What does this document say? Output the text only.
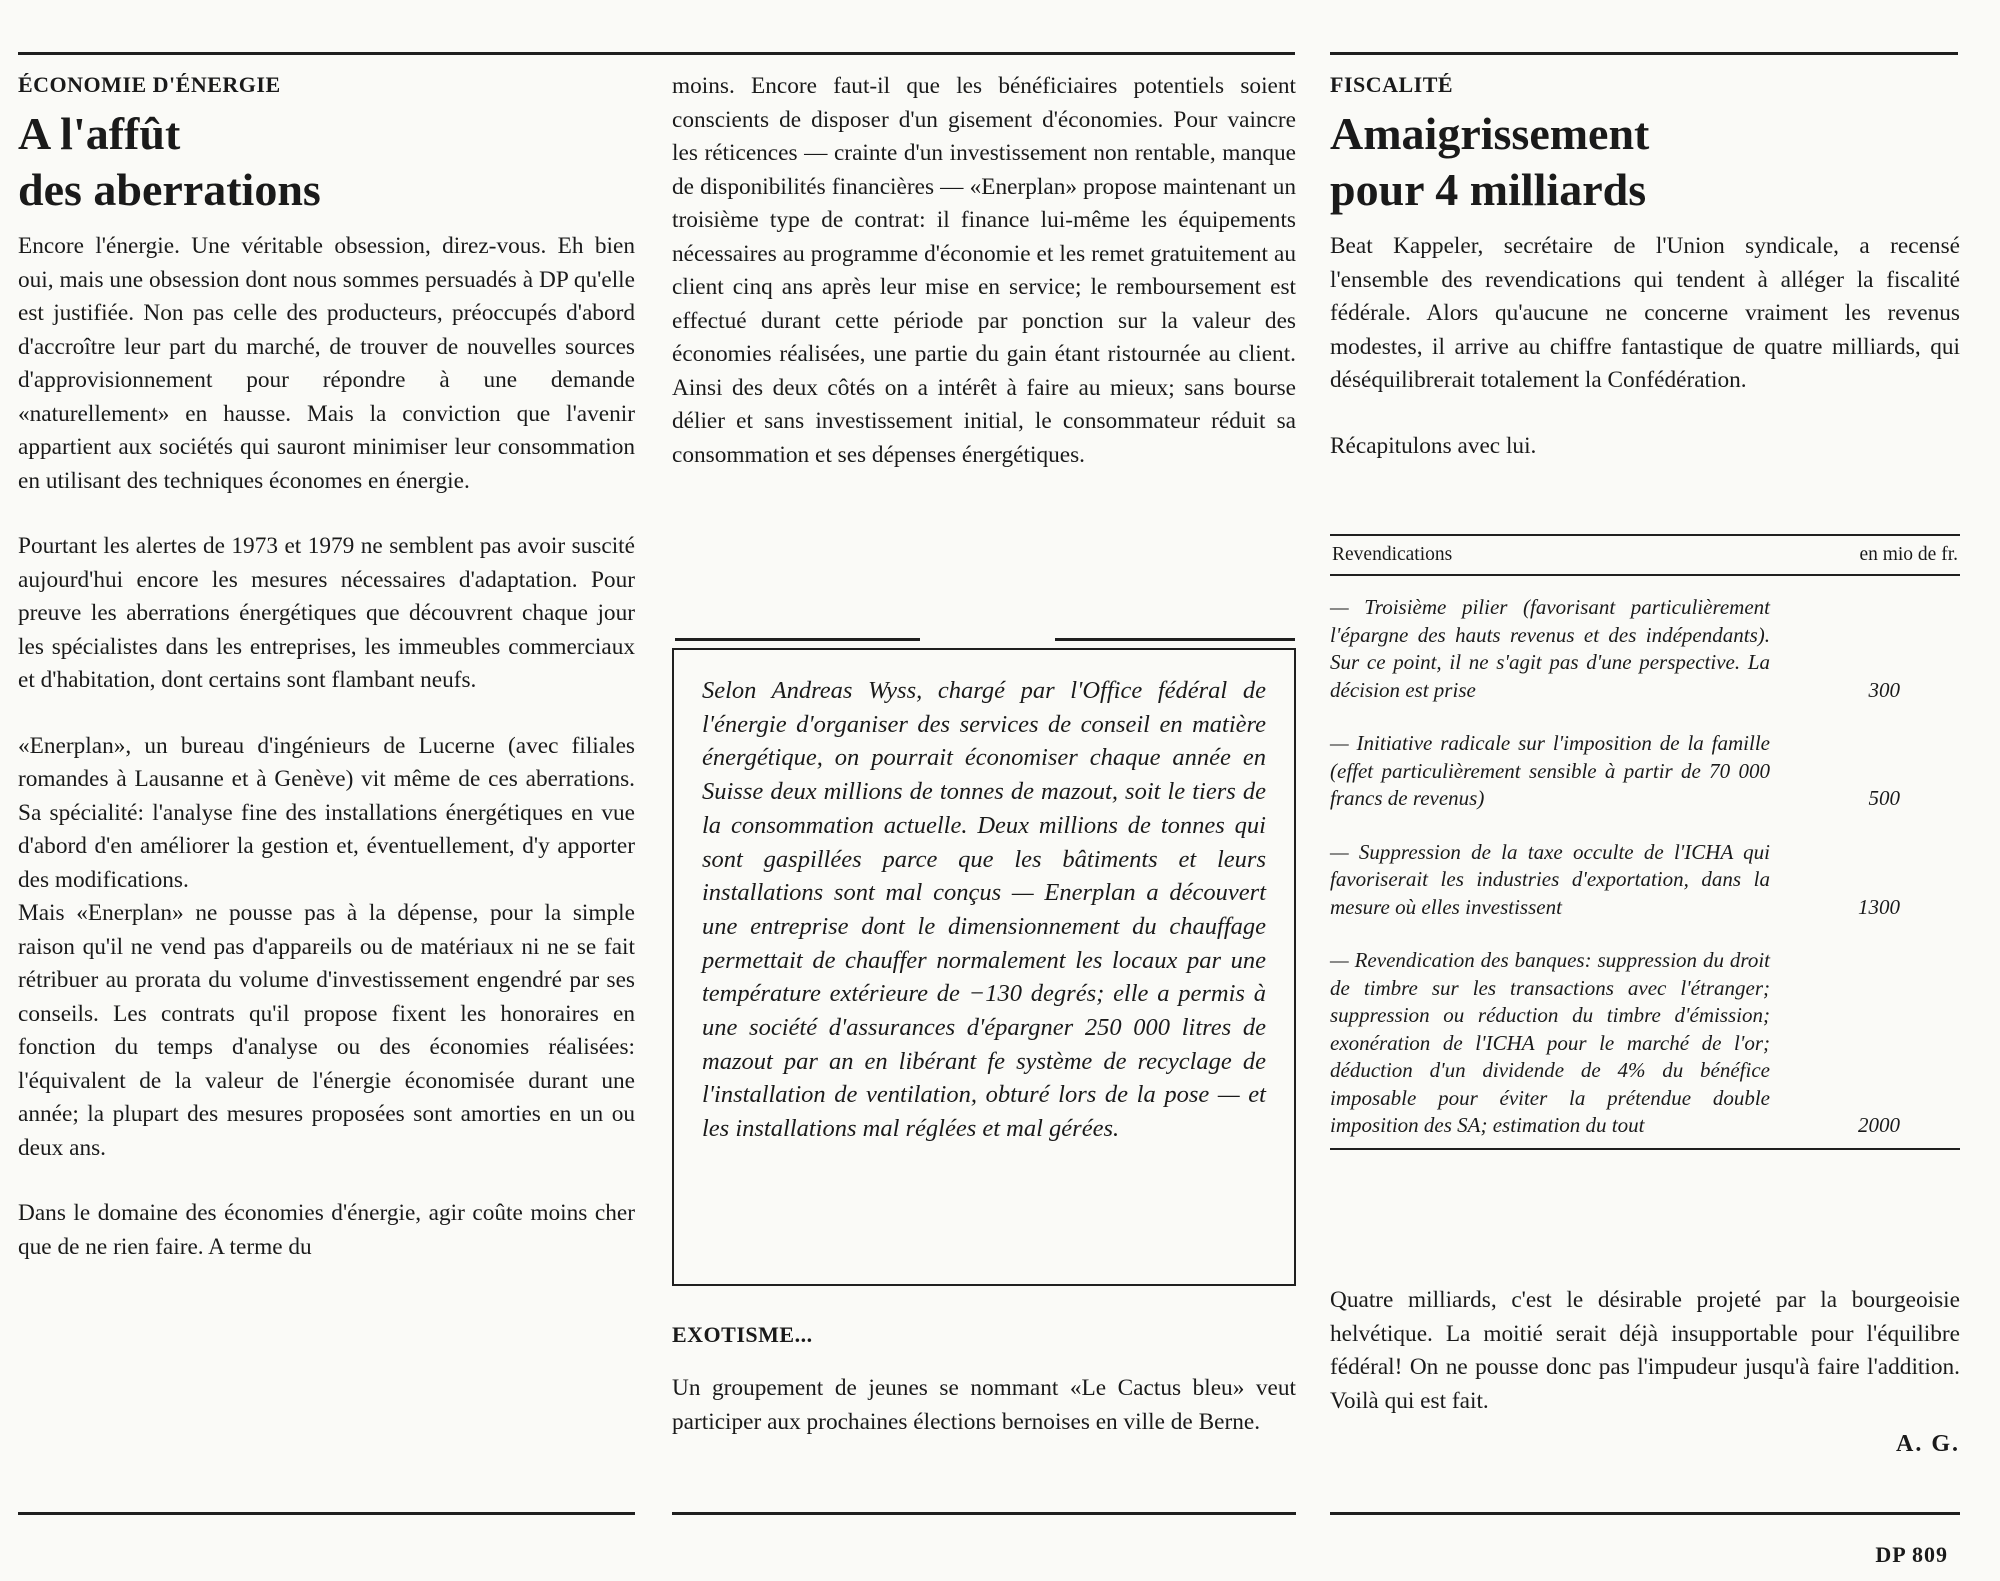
ÉCONOMIE D'ÉNERGIE

A l'affût
des aberrations

Encore l'énergie. Une véritable obsession, direz-vous. Eh bien oui, mais une obsession dont nous sommes persuadés à DP qu'elle est justifiée. Non pas celle des producteurs, préoccupés d'abord d'accroître leur part du marché, de trouver de nouvelles sources d'approvisionnement pour répondre à une demande «naturellement» en hausse. Mais la conviction que l'avenir appartient aux sociétés qui sauront minimiser leur consommation en utilisant des techniques économes en énergie.

Pourtant les alertes de 1973 et 1979 ne semblent pas avoir suscité aujourd'hui encore les mesures nécessaires d'adaptation. Pour preuve les aberrations énergétiques que découvrent chaque jour les spécialistes dans les entreprises, les immeubles commerciaux et d'habitation, dont certains sont flambant neufs.

«Enerplan», un bureau d'ingénieurs de Lucerne (avec filiales romandes à Lausanne et à Genève) vit même de ces aberrations. Sa spécialité: l'analyse fine des installations énergétiques en vue d'abord d'en améliorer la gestion et, éventuellement, d'y apporter des modifications.

Mais «Enerplan» ne pousse pas à la dépense, pour la simple raison qu'il ne vend pas d'appareils ou de matériaux ni ne se fait rétribuer au prorata du volume d'investissement engendré par ses conseils. Les contrats qu'il propose fixent les honoraires en fonction du temps d'analyse ou des économies réalisées: l'équivalent de la valeur de l'énergie économisée durant une année; la plupart des mesures proposées sont amorties en un ou deux ans.

Dans le domaine des économies d'énergie, agir coûte moins cher que de ne rien faire. A terme du

moins. Encore faut-il que les bénéficiaires potentiels soient conscients de disposer d'un gisement d'économies. Pour vaincre les réticences — crainte d'un investissement non rentable, manque de disponibilités financières — «Enerplan» propose maintenant un troisième type de contrat: il finance lui-même les équipements nécessaires au programme d'économie et les remet gratuitement au client cinq ans après leur mise en service; le remboursement est effectué durant cette période par ponction sur la valeur des économies réalisées, une partie du gain étant ristournée au client. Ainsi des deux côtés on a intérêt à faire au mieux; sans bourse délier et sans investissement initial, le consommateur réduit sa consommation et ses dépenses énergétiques.

Selon Andreas Wyss, chargé par l'Office fédéral de l'énergie d'organiser des services de conseil en matière énergétique, on pourrait économiser chaque année en Suisse deux millions de tonnes de mazout, soit le tiers de la consommation actuelle. Deux millions de tonnes qui sont gaspillées parce que les bâtiments et leurs installations sont mal conçus — Enerplan a découvert une entreprise dont le dimensionnement du chauffage permettait de chauffer normalement les locaux par une température extérieure de −130 degrés; elle a permis à une société d'assurances d'épargner 250 000 litres de mazout par an en libérant fe système de recyclage de l'installation de ventilation, obturé lors de la pose — et les installations mal réglées et mal gérées.

EXOTISME...

Un groupement de jeunes se nommant «Le Cactus bleu» veut participer aux prochaines élections bernoises en ville de Berne.

FISCALITÉ

Amaigrissement
pour 4 milliards

Beat Kappeler, secrétaire de l'Union syndicale, a recensé l'ensemble des revendications qui tendent à alléger la fiscalité fédérale. Alors qu'aucune ne concerne vraiment les revenus modestes, il arrive au chiffre fantastique de quatre milliards, qui déséquilibrerait totalement la Confédération.

Récapitulons avec lui.

Revendications	en mio de fr.
— Troisième pilier (favorisant particulièrement l'épargne des hauts revenus et des indépendants). Sur ce point, il ne s'agit pas d'une perspective. La décision est prise	300
— Initiative radicale sur l'imposition de la famille (effet particulièrement sensible à partir de 70 000 francs de revenus)	500
— Suppression de la taxe occulte de l'ICHA qui favoriserait les industries d'exportation, dans la mesure où elles investissent	1300
— Revendication des banques: suppression du droit de timbre sur les transactions avec l'étranger; suppression ou réduction du timbre d'émission; exonération de l'ICHA pour le marché de l'or; déduction d'un dividende de 4% du bénéfice imposable pour éviter la prétendue double imposition des SA; estimation du tout	2000

Quatre milliards, c'est le désirable projeté par la bourgeoisie helvétique. La moitié serait déjà insupportable pour l'équilibre fédéral! On ne pousse donc pas l'impudeur jusqu'à faire l'addition. Voilà qui est fait.

A. G.
DP 809
